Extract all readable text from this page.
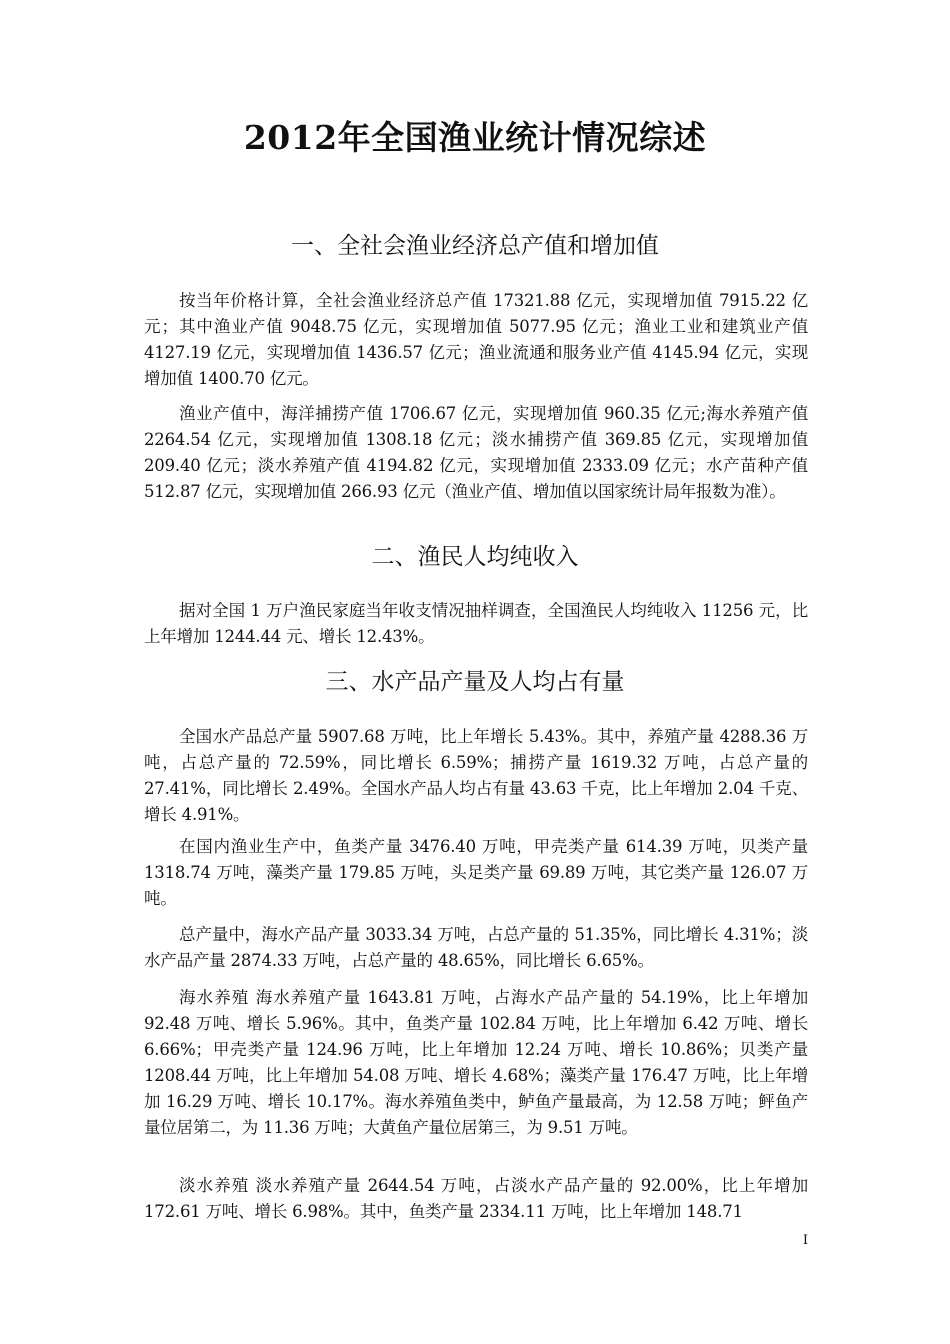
2012年全国渔业统计情况综述
一、全社会渔业经济总产值和增加值

按当年价格计算，全社会渔业经济总产值 17321.88 亿元，实现增加值 7915.22 亿元；其中渔业产值 9048.75 亿元，实现增加值 5077.95 亿元；渔业工业和建筑业产值 4127.19 亿元，实现增加值 1436.57 亿元；渔业流通和服务业产值 4145.94 亿元，实现增加值 1400.70 亿元。

渔业产值中，海洋捕捞产值 1706.67 亿元，实现增加值 960.35 亿元;海水养殖产值 2264.54 亿元，实现增加值 1308.18 亿元；淡水捕捞产值 369.85 亿元，实现增加值 209.40 亿元；淡水养殖产值 4194.82 亿元，实现增加值 2333.09 亿元；水产苗种产值 512.87 亿元，实现增加值 266.93 亿元（渔业产值、增加值以国家统计局年报数为准）。

二、渔民人均纯收入

据对全国 1 万户渔民家庭当年收支情况抽样调查，全国渔民人均纯收入 11256 元，比上年增加 1244.44 元、增长 12.43%。

三、水产品产量及人均占有量

全国水产品总产量 5907.68 万吨，比上年增长 5.43%。其中，养殖产量 4288.36 万吨，占总产量的 72.59%，同比增长 6.59%；捕捞产量 1619.32 万吨，占总产量的 27.41%，同比增长 2.49%。全国水产品人均占有量 43.63 千克，比上年增加 2.04 千克、增长 4.91%。

在国内渔业生产中，鱼类产量 3476.40 万吨，甲壳类产量 614.39 万吨，贝类产量 1318.74 万吨，藻类产量 179.85 万吨，头足类产量 69.89 万吨，其它类产量 126.07 万吨。

总产量中，海水产品产量 3033.34 万吨，占总产量的 51.35%，同比增长 4.31%；淡水产品产量 2874.33 万吨，占总产量的 48.65%，同比增长 6.65%。

海水养殖 海水养殖产量 1643.81 万吨，占海水产品产量的 54.19%，比上年增加 92.48 万吨、增长 5.96%。其中，鱼类产量 102.84 万吨，比上年增加 6.42 万吨、增长 6.66%；甲壳类产量 124.96 万吨，比上年增加 12.24 万吨、增长 10.86%；贝类产量 1208.44 万吨，比上年增加 54.08 万吨、增长 4.68%；藻类产量 176.47 万吨，比上年增加 16.29 万吨、增长 10.17%。海水养殖鱼类中，鲈鱼产量最高，为 12.58 万吨；鲆鱼产量位居第二，为 11.36 万吨；大黄鱼产量位居第三，为 9.51 万吨。

淡水养殖 淡水养殖产量 2644.54 万吨，占淡水产品产量的 92.00%，比上年增加 172.61 万吨、增长 6.98%。其中，鱼类产量 2334.11 万吨，比上年增加 148.71

I
